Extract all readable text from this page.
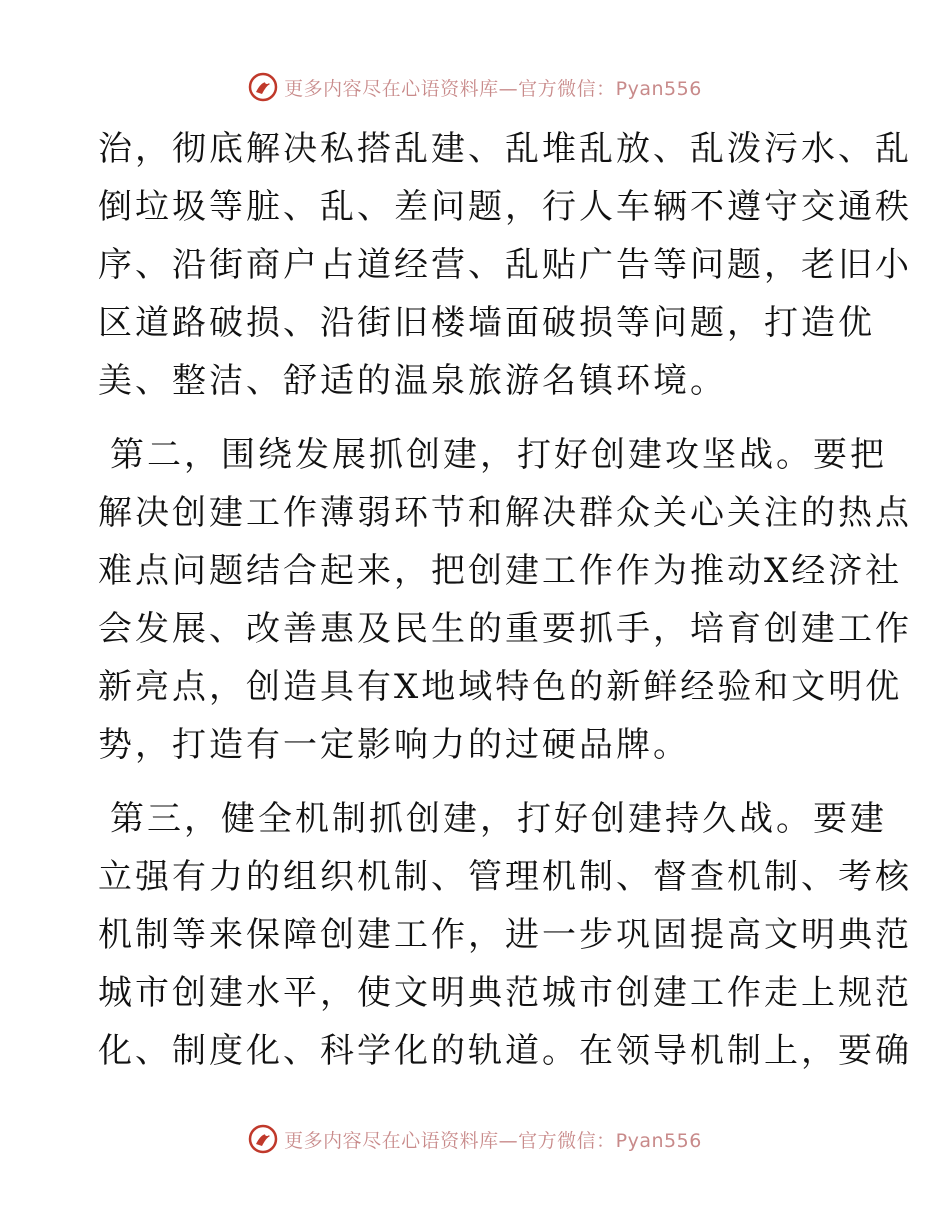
更多内容尽在心语资料库—官方微信：Pyan556
治，彻底解决私搭乱建、乱堆乱放、乱泼污水、乱
倒垃圾等脏、乱、差问题，行人车辆不遵守交通秩
序、沿街商户占道经营、乱贴广告等问题，老旧小
区道路破损、沿街旧楼墙面破损等问题，打造优
美、整洁、舒适的温泉旅游名镇环境。
第二，围绕发展抓创建，打好创建攻坚战。要把
解决创建工作薄弱环节和解决群众关心关注的热点
难点问题结合起来，把创建工作作为推动X经济社
会发展、改善惠及民生的重要抓手，培育创建工作
新亮点，创造具有X地域特色的新鲜经验和文明优
势，打造有一定影响力的过硬品牌。
第三，健全机制抓创建，打好创建持久战。要建
立强有力的组织机制、管理机制、督查机制、考核
机制等来保障创建工作，进一步巩固提高文明典范
城市创建水平，使文明典范城市创建工作走上规范
化、制度化、科学化的轨道。在领导机制上，要确
更多内容尽在心语资料库—官方微信：Pyan556
